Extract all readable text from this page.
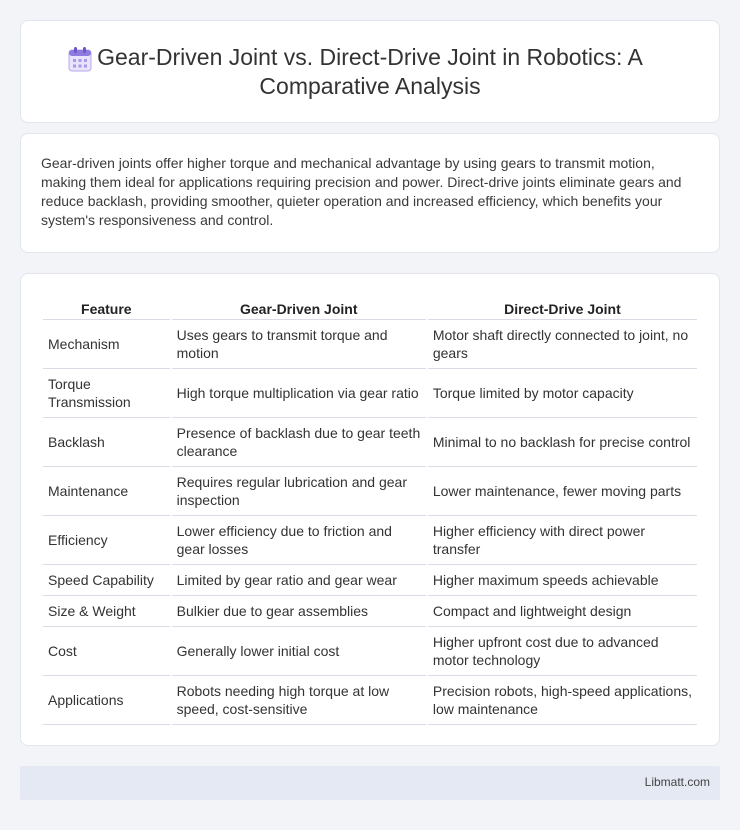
Gear-Driven Joint vs. Direct-Drive Joint in Robotics: A Comparative Analysis

Gear-driven joints offer higher torque and mechanical advantage by using gears to transmit motion, making them ideal for applications requiring precision and power. Direct-drive joints eliminate gears and reduce backlash, providing smoother, quieter operation and increased efficiency, which benefits your system's responsiveness and control.

Feature	Gear-Driven Joint	Direct-Drive Joint
Mechanism	Uses gears to transmit torque and motion	Motor shaft directly connected to joint, no gears
Torque Transmission	High torque multiplication via gear ratio	Torque limited by motor capacity
Backlash	Presence of backlash due to gear teeth clearance	Minimal to no backlash for precise control
Maintenance	Requires regular lubrication and gear inspection	Lower maintenance, fewer moving parts
Efficiency	Lower efficiency due to friction and gear losses	Higher efficiency with direct power transfer
Speed Capability	Limited by gear ratio and gear wear	Higher maximum speeds achievable
Size & Weight	Bulkier due to gear assemblies	Compact and lightweight design
Cost	Generally lower initial cost	Higher upfront cost due to advanced motor technology
Applications	Robots needing high torque at low speed, cost-sensitive	Precision robots, high-speed applications, low maintenance
Libmatt.com
